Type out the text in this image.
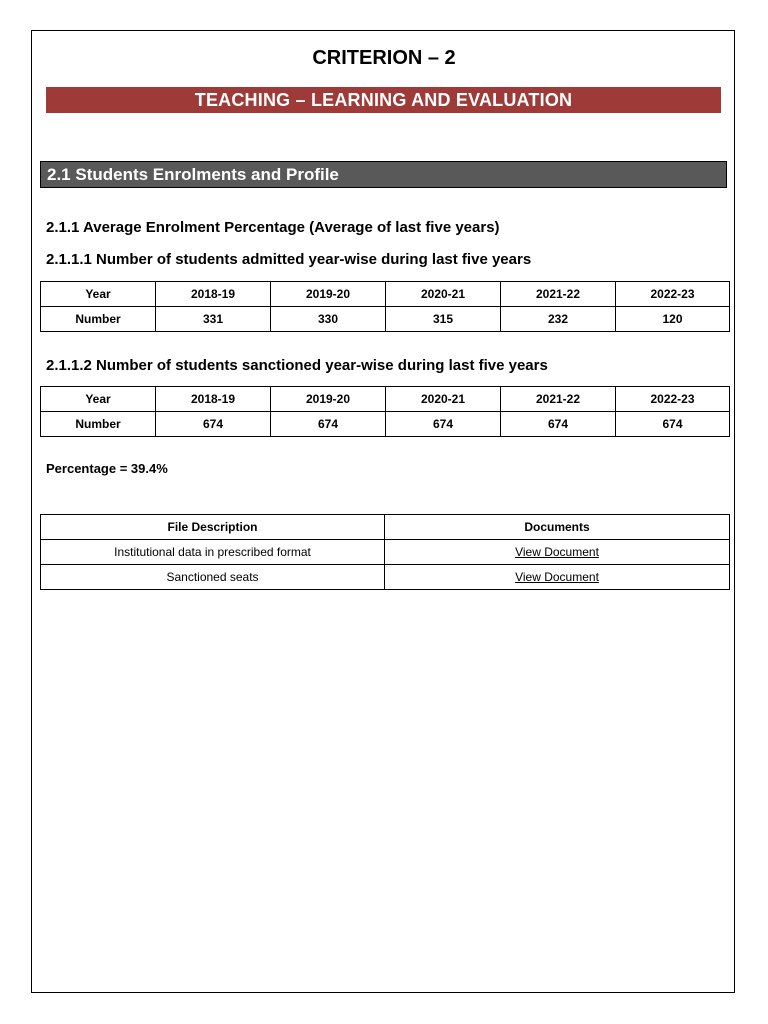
CRITERION – 2
TEACHING – LEARNING AND EVALUATION
2.1 Students Enrolments and Profile
2.1.1 Average Enrolment Percentage (Average of last five years)
2.1.1.1 Number of students admitted year-wise during last five years
Year	2018-19	2019-20	2020-21	2021-22	2022-23
Number	331	330	315	232	120
2.1.1.2 Number of students sanctioned year-wise during last five years
Year	2018-19	2019-20	2020-21	2021-22	2022-23
Number	674	674	674	674	674
Percentage = 39.4%
File Description	Documents
Institutional data in prescribed format	View Document
Sanctioned seats	View Document
